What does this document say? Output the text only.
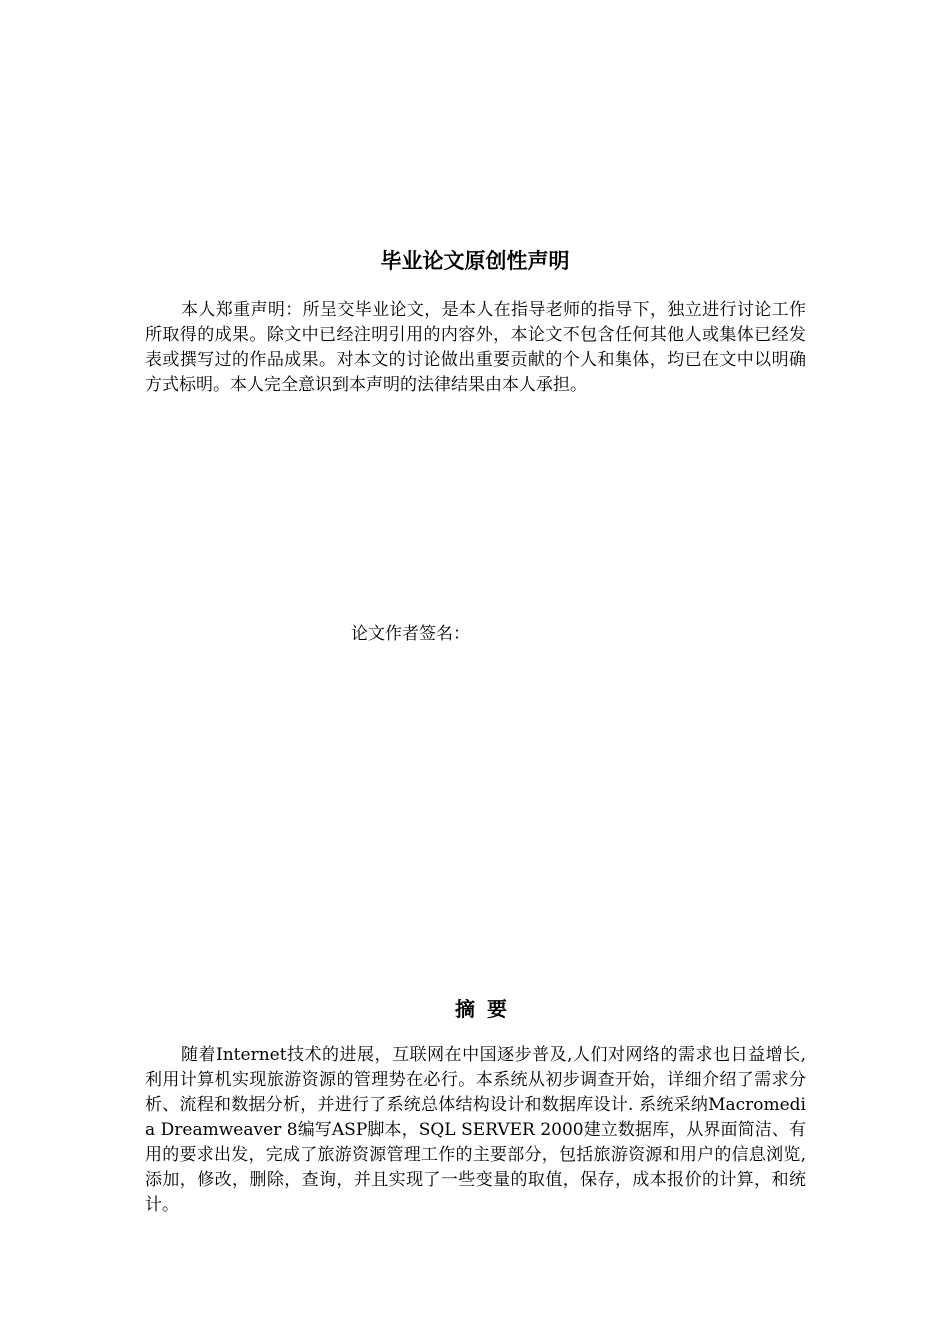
毕业论文原创性声明

本人郑重声明：所呈交毕业论文，是本人在指导老师的指导下，独立进行讨论工作所取得的成果。除文中已经注明引用的内容外，本论文不包含任何其他人或集体已经发表或撰写过的作品成果。对本文的讨论做出重要贡献的个人和集体，均已在文中以明确方式标明。本人完全意识到本声明的法律结果由本人承担。

论文作者签名：

摘要

随着Internet技术的进展，互联网在中国逐步普及,人们对网络的需求也日益增长,利用计算机实现旅游资源的管理势在必行。本系统从初步调查开始，详细介绍了需求分析、流程和数据分析，并进行了系统总体结构设计和数据库设计. 系统采纳Macromedia Dreamweaver 8编写ASP脚本，SQL SERVER 2000建立数据库，从界面简洁、有用的要求出发，完成了旅游资源管理工作的主要部分，包括旅游资源和用户的信息浏览,添加，修改，删除，查询，并且实现了一些变量的取值，保存，成本报价的计算，和统计。
